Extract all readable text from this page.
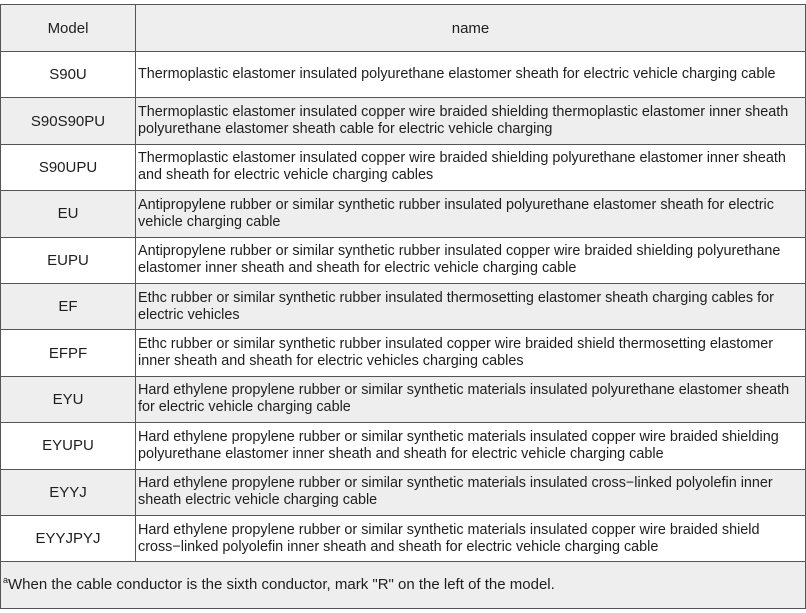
Model	name
S90U	Thermoplastic elastomer insulated polyurethane elastomer sheath for electric vehicle charging cable
S90S90PU	Thermoplastic elastomer insulated copper wire braided shielding thermoplastic elastomer inner sheath polyurethane elastomer sheath cable for electric vehicle charging
S90UPU	Thermoplastic elastomer insulated copper wire braided shielding polyurethane elastomer inner sheath and sheath for electric vehicle charging cables
EU	Antipropylene rubber or similar synthetic rubber insulated polyurethane elastomer sheath for electric vehicle charging cable
EUPU	Antipropylene rubber or similar synthetic rubber insulated copper wire braided shielding polyurethane elastomer inner sheath and sheath for electric vehicle charging cable
EF	Ethc rubber or similar synthetic rubber insulated thermosetting elastomer sheath charging cables for electric vehicles
EFPF	Ethc rubber or similar synthetic rubber insulated copper wire braided shield thermosetting elastomer inner sheath and sheath for electric vehicles charging cables
EYU	Hard ethylene propylene rubber or similar synthetic materials insulated polyurethane elastomer sheath for electric vehicle charging cable
EYUPU	Hard ethylene propylene rubber or similar synthetic materials insulated copper wire braided shielding polyurethane elastomer inner sheath and sheath for electric vehicle charging cable
EYYJ	Hard ethylene propylene rubber or similar synthetic materials insulated cross−linked polyolefin inner sheath electric vehicle charging cable
EYYJPYJ	Hard ethylene propylene rubber or similar synthetic materials insulated copper wire braided shield cross−linked polyolefin inner sheath and sheath for electric vehicle charging cable
$^a$When the cable conductor is the sixth conductor, mark "R" on the left of the model.	
